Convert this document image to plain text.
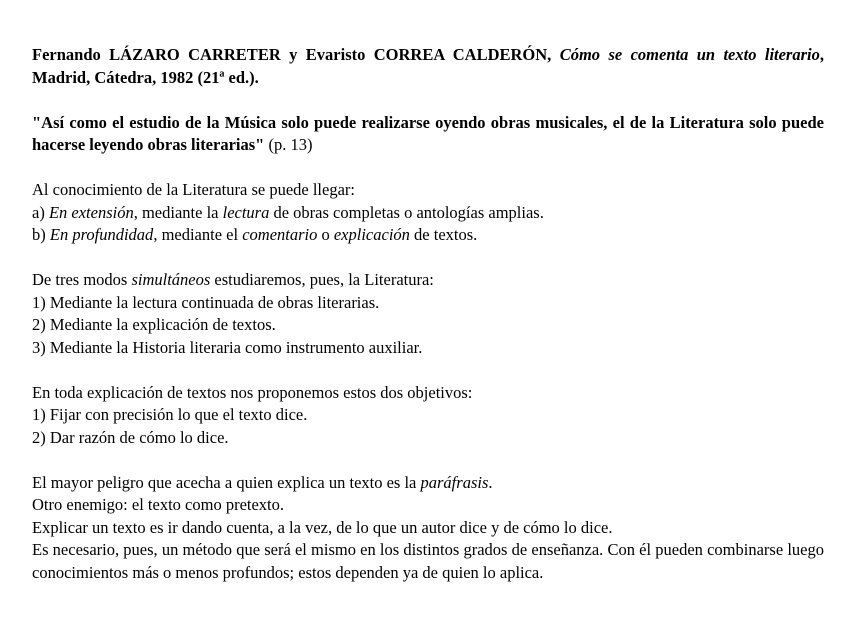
Fernando LÁZARO CARRETER y Evaristo CORREA CALDERÓN, Cómo se comenta un texto literario, Madrid, Cátedra, 1982 (21ª ed.).

"Así como el estudio de la Música solo puede realizarse oyendo obras musicales, el de la Literatura solo puede hacerse leyendo obras literarias" (p. 13)

Al conocimiento de la Literatura se puede llegar:
a) En extensión, mediante la lectura de obras completas o antologías amplias.
b) En profundidad, mediante el comentario o explicación de textos.
De tres modos simultáneos estudiaremos, pues, la Literatura:
1) Mediante la lectura continuada de obras literarias.
2) Mediante la explicación de textos.
3) Mediante la Historia literaria como instrumento auxiliar.
En toda explicación de textos nos proponemos estos dos objetivos:
1) Fijar con precisión lo que el texto dice.
2) Dar razón de cómo lo dice.
El mayor peligro que acecha a quien explica un texto es la paráfrasis.
Otro enemigo: el texto como pretexto.
Explicar un texto es ir dando cuenta, a la vez, de lo que un autor dice y de cómo lo dice.

Es necesario, pues, un método que será el mismo en los distintos grados de enseñanza. Con él pueden combinarse luego conocimientos más o menos profundos; estos dependen ya de quien lo aplica.
